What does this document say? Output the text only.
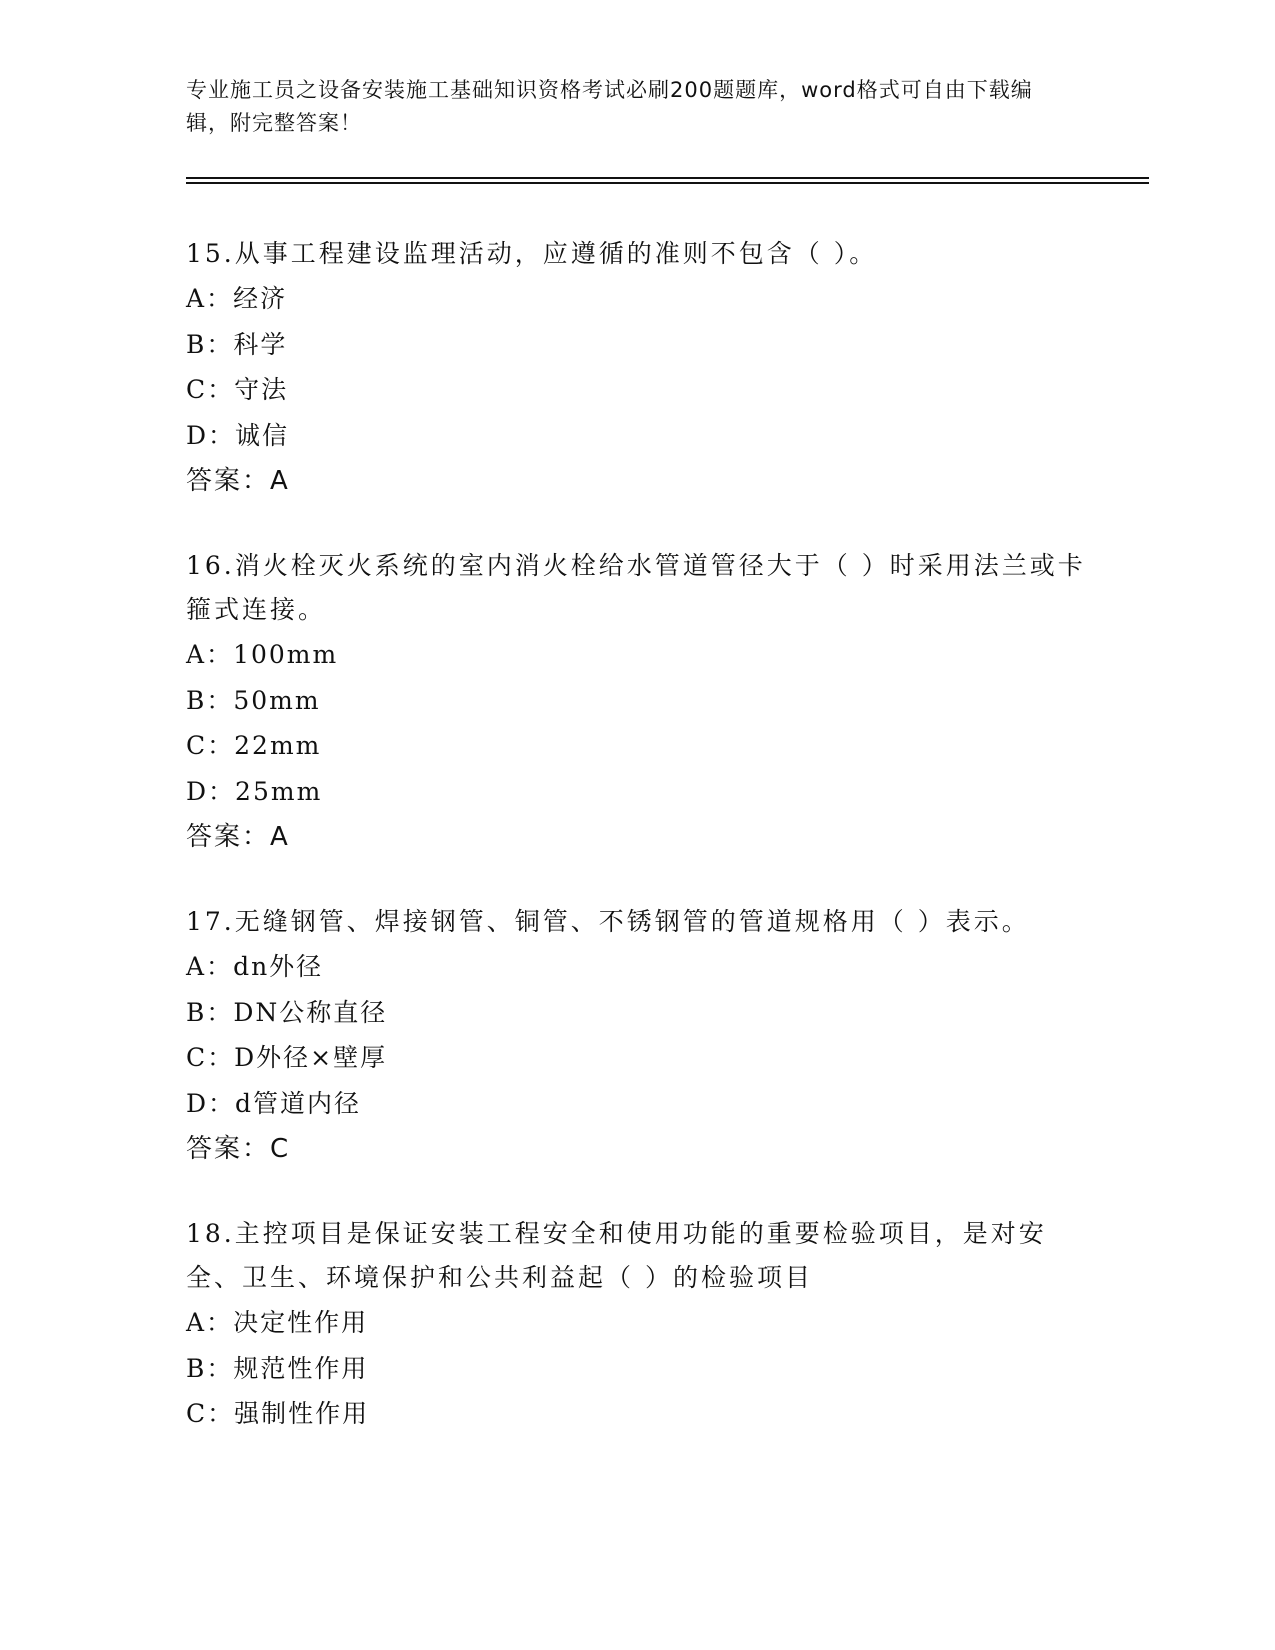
专业施工员之设备安装施工基础知识资格考试必刷200题题库，word格式可自由下载编辑，附完整答案！
15.从事工程建设监理活动，应遵循的准则不包含（ ）。
A：经济
B：科学
C：守法
D：诚信
答案：A
16.消火栓灭火系统的室内消火栓给水管道管径大于（ ）时采用法兰或卡箍式连接。
A：100mm
B：50mm
C：22mm
D：25mm
答案：A
17.无缝钢管、焊接钢管、铜管、不锈钢管的管道规格用（ ）表示。
A：dn外径
B：DN公称直径
C：D外径×壁厚
D：d管道内径
答案：C
18.主控项目是保证安装工程安全和使用功能的重要检验项目，是对安全、卫生、环境保护和公共利益起（ ）的检验项目
A：决定性作用
B：规范性作用
C：强制性作用
